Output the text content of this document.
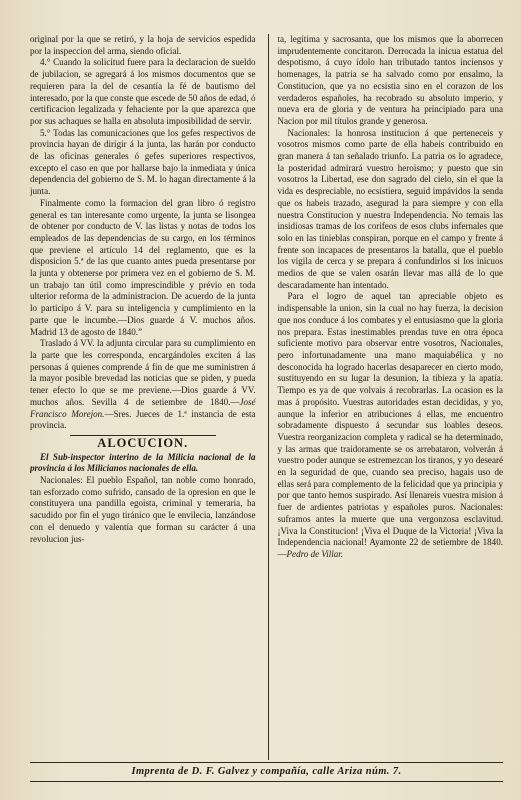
original por la que se retiró, y la hoja de servicios espedida por la inspeccion del arma, siendo oficial.

4.° Cuando la solicitud fuere para la declaracion de sueldo de jubilacion, se agregará á los mismos documentos que se requieren para la del de cesantía la fé de bautismo del interesado, por la que conste que escede de 50 años de edad, ó certificacion legalizada y fehaciente por la que aparezca que por sus achaques se halla en absoluta imposibilidad de servir.

5.° Todas las comunicaciones que los gefes respectivos de provincia hayan de dirigir á la junta, las harán por conducto de las oficinas generales ó gefes superiores respectivos, excepto el caso en que por hallarse bajo la inmediata y única dependencia del gobierno de S. M. lo hagan directamente á la junta.

Finalmente como la formacion del gran libro ó registro general es tan interesante como urgente, la junta se lisongea de obtener por conducto de V. las listas y notas de todos los empleados de las dependencias de su cargo, en los términos que previene el artículo 14 del reglamento, que es la disposicion 5.ª de las que cuanto antes pueda presentarse por la junta y obtenerse por primera vez en el gobierno de S. M. un trabajo tan útil como imprescindible y prévio en toda ulterior reforma de la administracion. De acuerdo de la junta lo participo á V. para su inteligencia y cumplimiento en la parte que le incumbe.—Dios guarde á V. muchos años. Madrid 13 de agosto de 1840.”

Traslado á VV. la adjunta circular para su cumplimiento en la parte que les corresponda, encargándoles exciten á las personas á quienes comprende á fin de que me suministren á la mayor posible brevedad las noticias que se piden, y pueda tener efecto lo que se me previene.—Dios guarde á VV. muchos años. Sevilla 4 de setiembre de 1840.—José Francisco Morejon.—Sres. Jueces de 1.ª instancia de esta provincia.

ALOCUCION.

El Sub-inspector interino de la Milicia nacional de la provincia á los Milicianos nacionales de ella.

Nacionales: El pueblo Español, tan noble como honrado, tan esforzado como sufrido, cansado de la opresion en que le constituyera una pandilla egoista, criminal y temeraria, ha sacudido por fin el yugo tiránico que le envilecia, lanzándose con el denuedo y valentía que forman su carácter á una revolucion jus-

ta, legítima y sacrosanta, que los mismos que la aborrecen imprudentemente concitaron. Derrocada la inicua estatua del despotismo, á cuyo ídolo han tributado tantos inciensos y homenages, la patria se ha salvado como por ensalmo, la Constitucion, que ya no ecsistia sino en el corazon de los verdaderos españoles, ha recobrado su absoluto imperio, y nueva era de gloria y de ventura ha principiado para una Nacion por mil títulos grande y generosa.

Nacionales: la honrosa institucion á que perteneceis y vosotros mismos como parte de ella habeis contribuido en gran manera á tan señalado triunfo. La patria os lo agradece, la posteridad admirará vuestro heroismo; y puesto que sin vosotros la Libertad, ese don sagrado del cielo, sin el que la vida es despreciable, no ecsistiera, seguid impávidos la senda que os habeis trazado, asegurad la para siempre y con ella nuestra Constitucion y nuestra Independencia. No temais las insidiosas tramas de los corifeos de esos clubs infernales que solo en las tinieblas conspiran, porque en el campo y frente á frente son incapaces de presentaros la batalla, que el pueblo los vigila de cerca y se prepara á confundirlos si los inicuos medios de que se valen osarán llevar mas allá de lo que descaradamente han intentado.

Para el logro de aquel tan apreciable objeto es indispensable la union, sin la cual no hay fuerza, la decision que nos conduce á los combates y el entusiasmo que la gloria nos prepara. Estas inestimables prendas tuve en otra época suficiente motivo para observar entre vosotros, Nacionales, pero infortunadamente una mano maquiabélica y no desconocida ha logrado hacerlas desaparecer en cierto modo, sustituyendo en su lugar la desunion, la tibieza y la apatía. Tiempo es ya de que volvais á recobrarlas. La ocasion es la mas á propósito. Vuestras autoridades estan decididas, y yo, aunque la inferior en atribuciones á ellas, me encuentro sobradamente dispuesto á secundar sus loables deseos. Vuestra reorganizacion completa y radical se ha determinado, y las armas que traidoramente se os arrebataron, volverán á vuestro poder aunque se estremezcan los tiranos, y yo desearé en la seguridad de que, cuando sea preciso, hagais uso de ellas será para complemento de la felicidad que ya principia y por que tanto hemos suspirado. Así llenareis vuestra mision á fuer de ardientes patriotas y españoles puros. Nacionales: suframos antes la muerte que una vergonzosa esclavitud. ¡Viva la Constitucion! ¡Viva el Duque de la Victoria! ¡Viva la Independencia nacional! Ayamonte 22 de setiembre de 1840.—Pedro de Villar.

Imprenta de D. F. Galvez y compañía, calle Ariza núm. 7.
